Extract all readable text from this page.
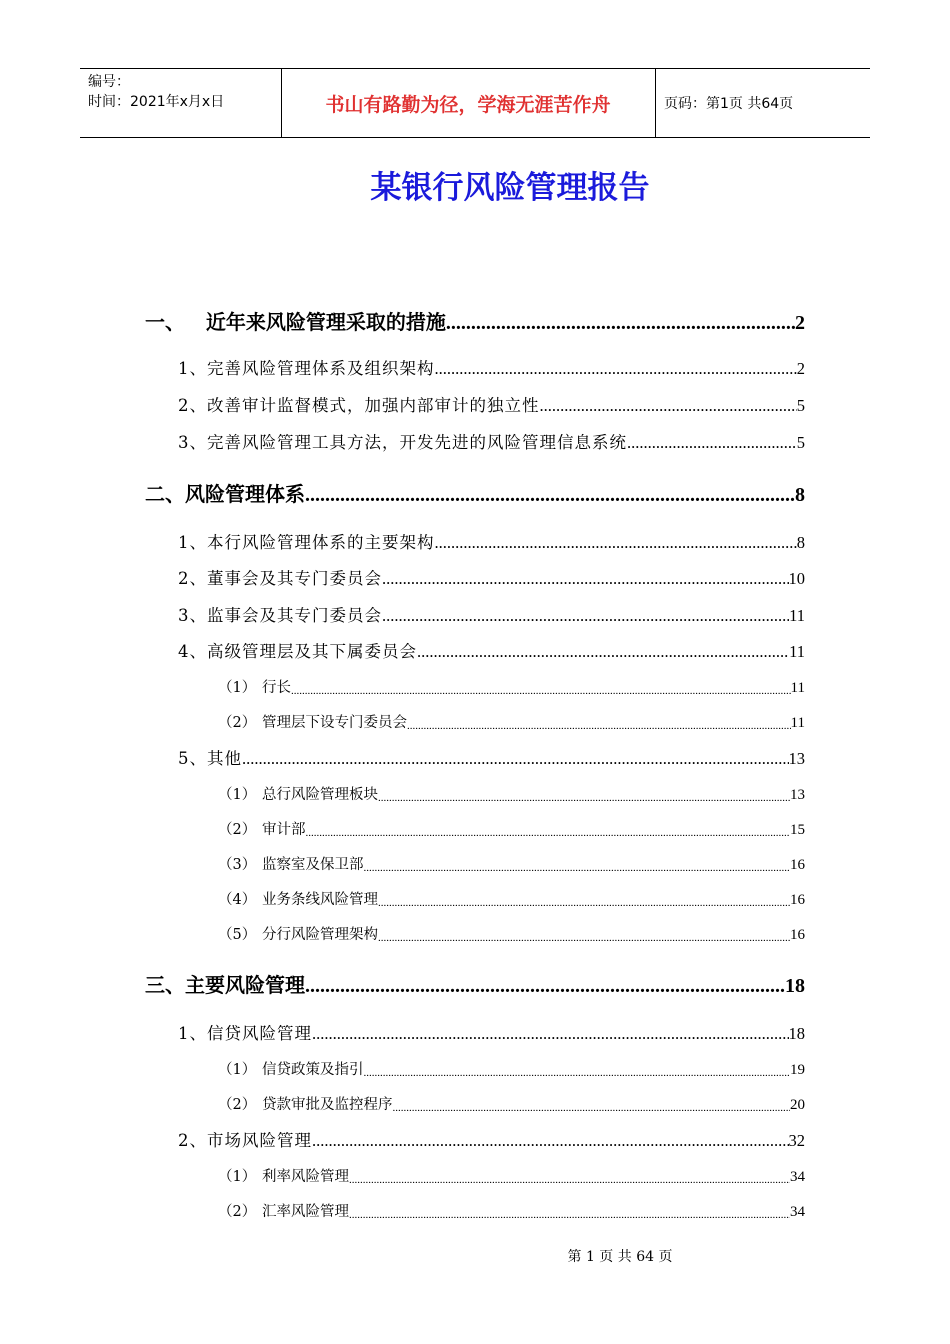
编号：
时间：2021年x月x日	书山有路勤为径，学海无涯苦作舟	页码：第1页 共64页
某银行风险管理报告
一、   近年来风险管理采取的措施 .....	2
1、完善风险管理体系及组织架构 .....	2
2、改善审计监督模式，加强内部审计的独立性 .....	5
3、完善风险管理工具方法，开发先进的风险管理信息系统 .....	5
二、风险管理体系 .....	8
1、本行风险管理体系的主要架构 .....	8
2、董事会及其专门委员会 .....	10
3、监事会及其专门委员会 .....	11
4、高级管理层及其下属委员会 .....	11
（1） 行长 .....	11
（2） 管理层下设专门委员会 .....	11
5、其他 .....	13
（1） 总行风险管理板块 .....	13
（2） 审计部 .....	15
（3） 监察室及保卫部 .....	16
（4） 业务条线风险管理 .....	16
（5） 分行风险管理架构 .....	16
三、主要风险管理 .....	18
1、信贷风险管理 .....	18
（1） 信贷政策及指引 .....	19
（2） 贷款审批及监控程序 .....	20
2、市场风险管理 .....	32
（1） 利率风险管理 .....	34
（2） 汇率风险管理 .....	34
第 1 页 共 64 页
